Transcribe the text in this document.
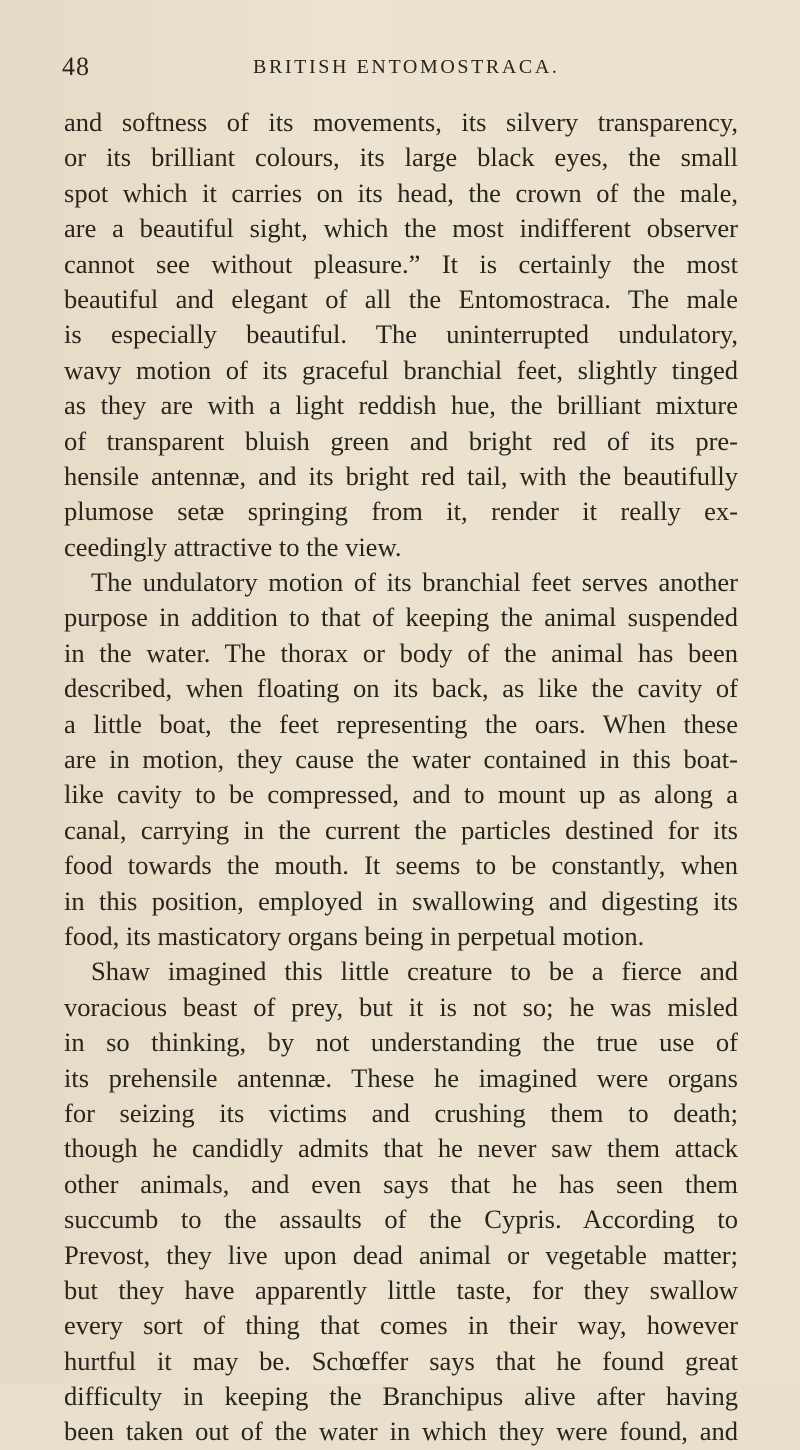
48	BRITISH ENTOMOSTRACA.
and softness of its movements, its silvery transparency,
or its brilliant colours, its large black eyes, the small
spot which it carries on its head, the crown of the male,
are a beautiful sight, which the most indifferent observer
cannot see without pleasure.” It is certainly the most
beautiful and elegant of all the Entomostraca. The male
is especially beautiful. The uninterrupted undulatory,
wavy motion of its graceful branchial feet, slightly tinged
as they are with a light reddish hue, the brilliant mixture
of transparent bluish green and bright red of its pre-
hensile antennæ, and its bright red tail, with the beautifully
plumose setæ springing from it, render it really ex-
ceedingly attractive to the view.
The undulatory motion of its branchial feet serves another
purpose in addition to that of keeping the animal suspended
in the water. The thorax or body of the animal has been
described, when floating on its back, as like the cavity of
a little boat, the feet representing the oars. When these
are in motion, they cause the water contained in this boat-
like cavity to be compressed, and to mount up as along a
canal, carrying in the current the particles destined for its
food towards the mouth. It seems to be constantly, when
in this position, employed in swallowing and digesting its
food, its masticatory organs being in perpetual motion.
Shaw imagined this little creature to be a fierce and
voracious beast of prey, but it is not so; he was misled
in so thinking, by not understanding the true use of
its prehensile antennæ. These he imagined were organs
for seizing its victims and crushing them to death;
though he candidly admits that he never saw them attack
other animals, and even says that he has seen them
succumb to the assaults of the Cypris. According to
Prevost, they live upon dead animal or vegetable matter;
but they have apparently little taste, for they swallow
every sort of thing that comes in their way, however
hurtful it may be. Schœffer says that he found great
difficulty in keeping the Branchipus alive after having
been taken out of the water in which they were found, and
